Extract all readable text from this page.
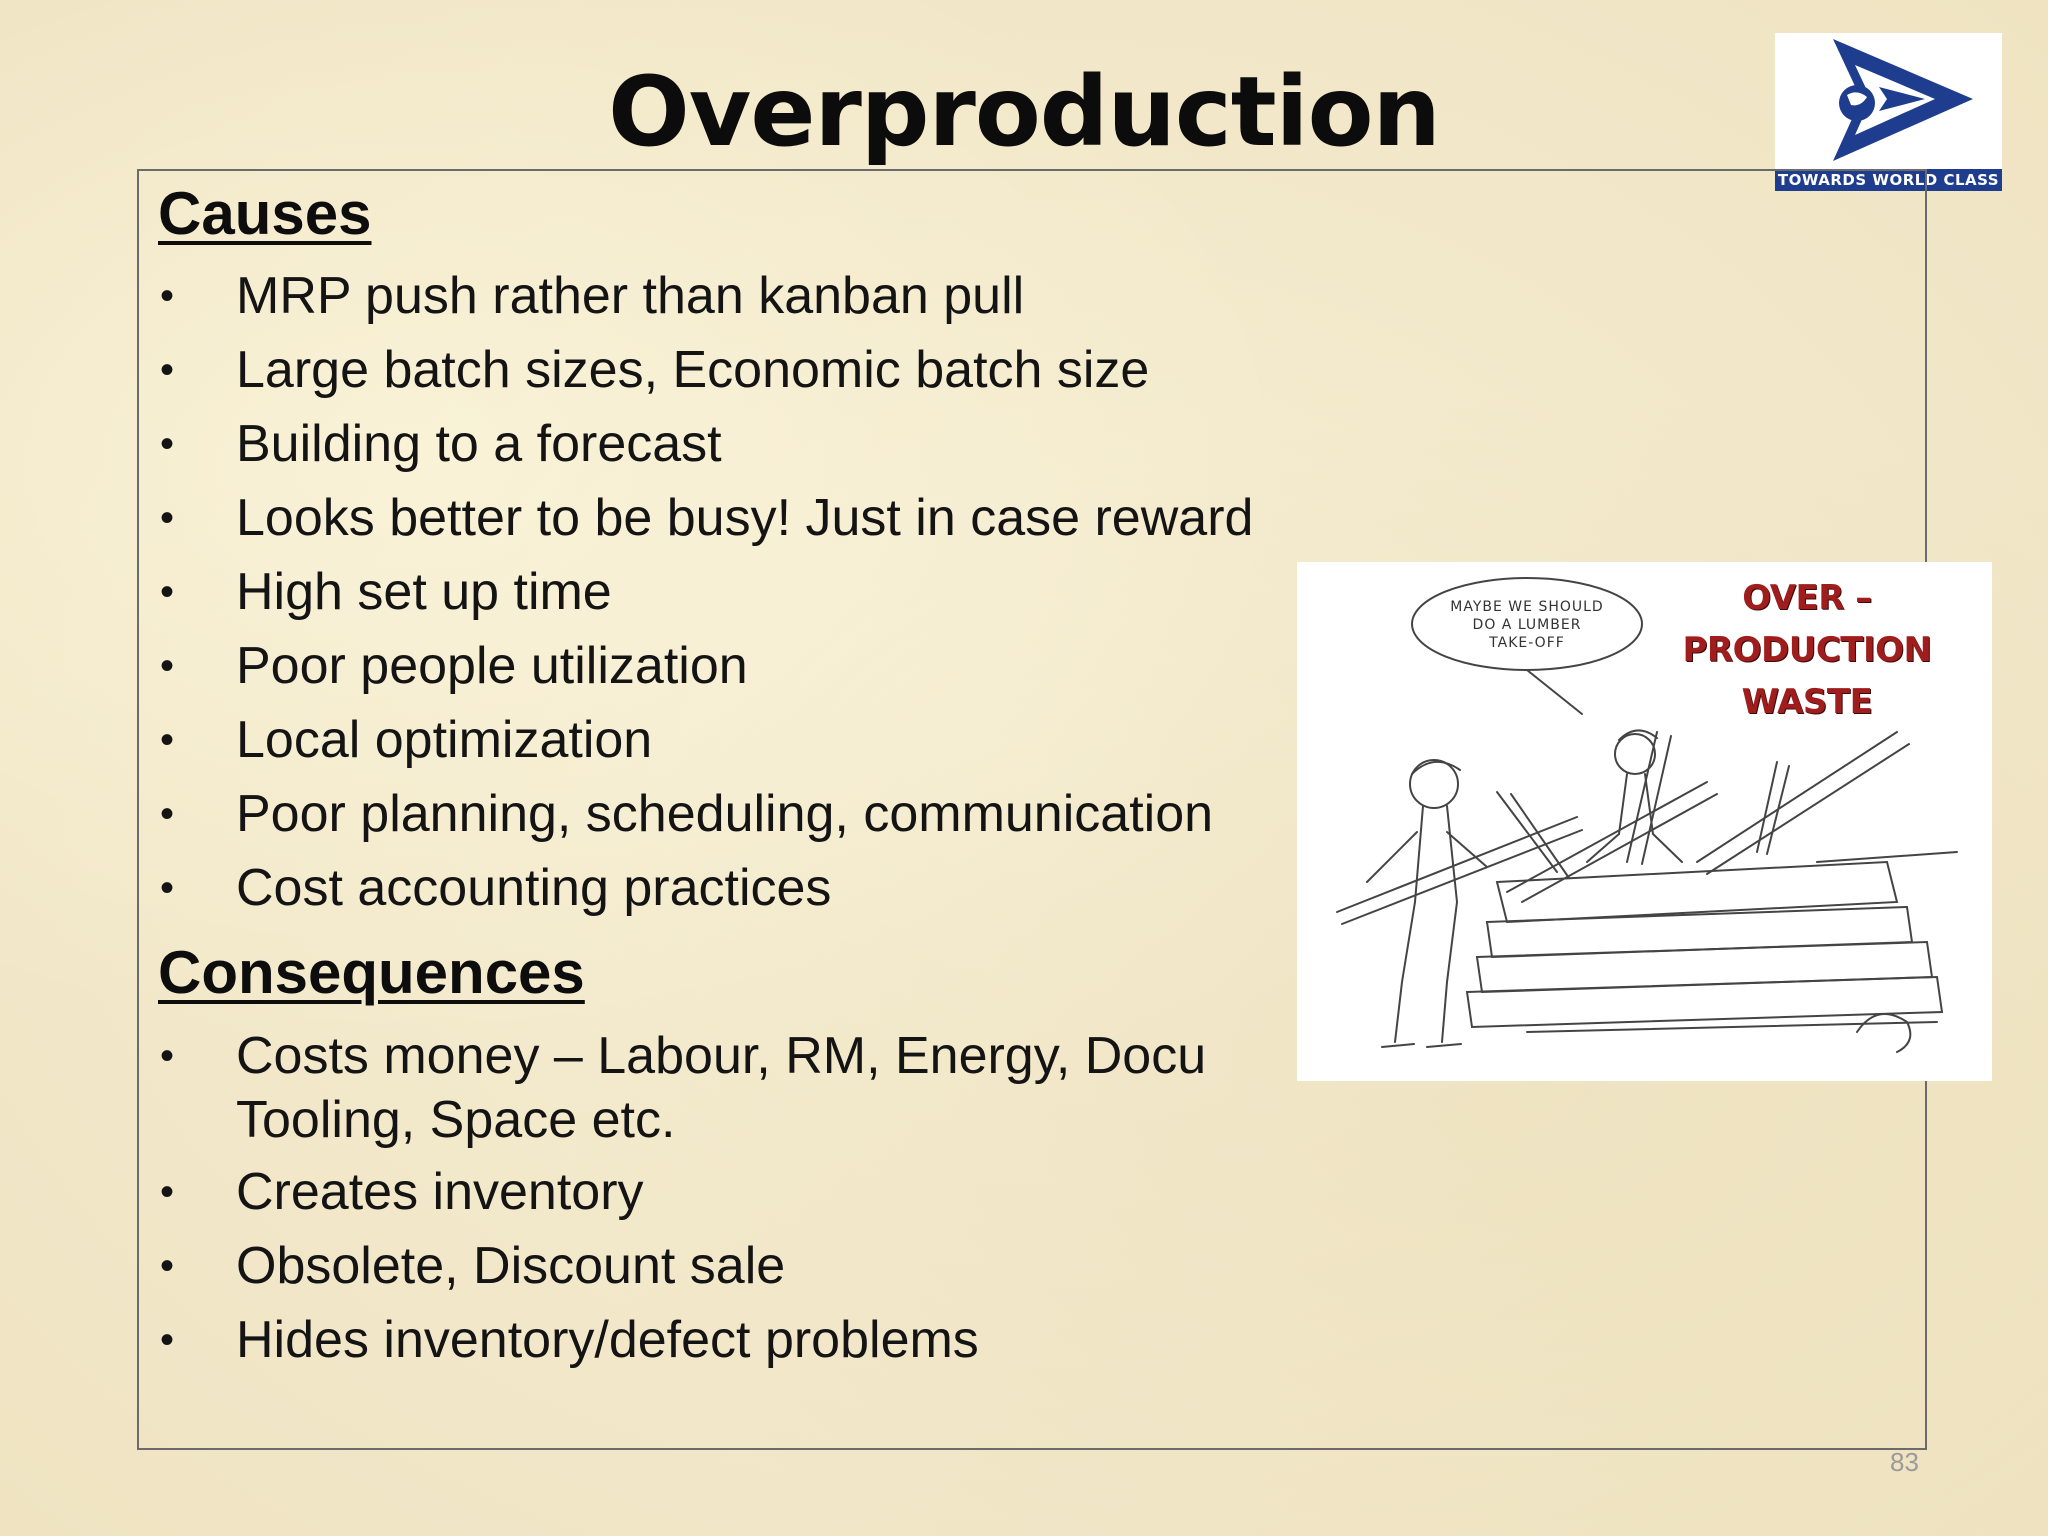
Overproduction
TOWARDS WORLD CLASS
Causes
•	MRP push rather than kanban pull
•	Large batch sizes, Economic batch size
•	Building to a forecast
•	Looks better to be busy! Just in case reward
•	High set up time
•	Poor people utilization
•	Local optimization
•	Poor planning, scheduling, communication
•	Cost accounting practices
Consequences
•	Costs money – Labour, RM, Energy, Docu
Tooling, Space etc.
•	Creates inventory
•	Obsolete, Discount sale
•	Hides inventory/defect problems
OVER – PRODUCTION
WASTE
MAYBE WE SHOULD
DO A LUMBER
TAKE-OFF
83
